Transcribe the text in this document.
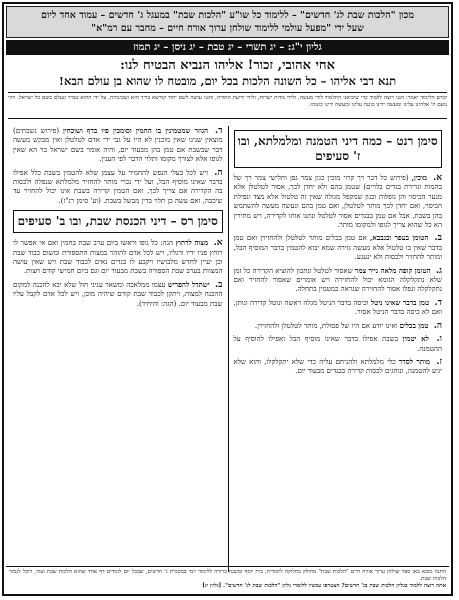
מכון "הלכות שבת לג' חדשים" – ללימוד כל שו"ע "הלכות שבת" במעגל ג' חדשים – עמוד אחד ליום
שעל ידי "מפעל עולמי ללימוד שולחן ערוך אורח חיים – מחבר עם רמ"א"
גליון י"ג: – יג תשרי – יג טבת – יג ניסן – יג תמוז
אחי אהובי, זכור! אליהו הנביא הבטיח לנו:
תנא דבי אליהו – כל השונה הלכות בכל יום, מובטח לו שהוא בן עולם הבא!
קודם הלימוד יאמר: הנני רוצה ללמוד כדי שיביאני התלמוד לידי מעשה, ולידי מדות ישרות, ולידי ידיעת התורה, והנני עושה לשם יחוד קודשא בריך הוא ושכינתיה, על ידי ההוא טמיר ונעלם בשם כל ישראל. ויהי נועם ה' אלהינו עלינו ומעשה ידינו כוננה עלינו ומעשה ידינו כוננהו.
סימן רנט – כמה דיני הטמנה ומלמלתא, ובו ז' סעיפים

א. מוכין, (פירוש כל דבר רך קרוי מוכין כגון צמר גפן ותלישי צמר רך של בהמות וגרירת בגדים בלויים) שטמן בהם ולא יחדן לכך, אסור לטלטלן אלא מנער הכיסוי והן נופלות וכגון שמקפל מגולה שאין זה טלטול אלא מצד ונפילת הכיסוי, ואם יחדן לכך מותר לטלטלן, ואם טמן בהם ונעשה מעשה להשתמש בהן בשבת, אבל אם טמן בבגדים אסור לטלטל ונתנו אותו לקדירה, ויש מתירין הא כל שהוא צריך לגופו ולמקומו מותר.

ב. הטומן בעפר ובגבבא, אם טמן בכלים מותר לטלטלן ולהחזירן ואם טמן בדבר שאין בו טלטול אלא מעשה גזירה שמא יבוא להטמין בדבר המוסיף הבל, ומותר להחזיר ולכסות ולא ינענע.

ג. הטומן קופה מלאה נייר צמר שאסור לטלטל ונתכון להוציא הקדירה כל זמן שלא נתקלקלה הגומא יכול להחזירה ויש אומרים שאסור להחזיר ואם נתקלקלה ונפלו אסור להחזירה שנראה כמטמין בתחלה.

ד. טמן בדבר שאינו ניטל וכיסה בדבר הניטל מגלה ראשה ונוטל קדירה ונותן, ואם לא כיסה בדבר הניטל אסור.

ה. טמן בכלים ואינו יודע אם היו של פסולת, מותר לטלטלן ולהחזירן.

ו. לא יטמין בשבת אפילו בדבר שאינו מוסיף הבל ואפילו להוסיף על ההטמנה.

ז. מותר לסדר כלי מלמלתא ולהניחם עליה כדי שלא יתקלקלו, והוא שלא יגיע להטמנה, ונוהגים לכסות קדירה בבגדים מבעוד יום.

ד. הגוזר שמטמינין בו החמין וסומכין פיו בדף ושוכחין (פירוש נשכחים) מוצאין שנינו שאין מוכנין לא היו על גבי ידי אדם לטלטלן ואין מבקש מעשה דבר שבשבת אם טמן בהן מבעוד יום, והיה אומר בשם ישראל בר הא שאין לגופו אלא לצורך מקומו ותלוי הדבר לפי הענין.

ה. ויש לכל בעלי הנפש להחמיר על עצמן שלא להטמין בשבת כלל אפילו בדבר שאינו מוסיף הבל, ועל ידי נכרי מותר להחזיר מלמלתא שנפלה ולכסות בה הקדירה אם צריך לכך, ואם הטמין קדירה בשבת אינו יכול להחזיר עד שיכבה, ואם עשה כן תלוי בדין מבשל בשבת. (וע' סימן רנ"ז).

סימן רס – דיני הכנסת שבת, ובו ב' סעיפים

א. מצוה לרחוץ הגה: כל גופו וראשו ביום ערב שבת בחמין ואם אי אפשר לו רוחץ פניו ידיו ורגליו, ויש לכל אדם להזהר במצות התספורת ומשום כבוד שבת וכן יעיין לחדש מלבושיו ויקבע לו בגדים נאים לכבוד שבת ויש שאין עושה המצוות בערב שבת הספורה בשבת מבעוד יום וגם ביום חמישי קודם חצות.

ב. ישתדל להפריש עצמו ממלאכה ומשאר עניני חול שלא יבא להכנה למקום ההכנה למצוה, ויתקן לכבוד שבת קודם שיהיה מוכן, ויש לכל אדם לקבל עליו שבת מבעוד יום. (הגה: והיחיד).

התנה מובא באן ספר שולחן ערוך אורח חיים "הלכות שבת" מחולק בחלוקה לימודית, בית יוסף ומשנה ברורה ללימוד יומי במסגרת ג' חדשים, שבכל יום לומדים דף אחד שהוא הלכות שבת ועוד, ויוכל לגמור הלכות שבת.
אתה רוצה ללמוד בגליון הלכות שבת בג' חדשים? הצטרפו עכשיו ללומדי גליון "הלכות שבת לג' חדשים". [גליון יג]
